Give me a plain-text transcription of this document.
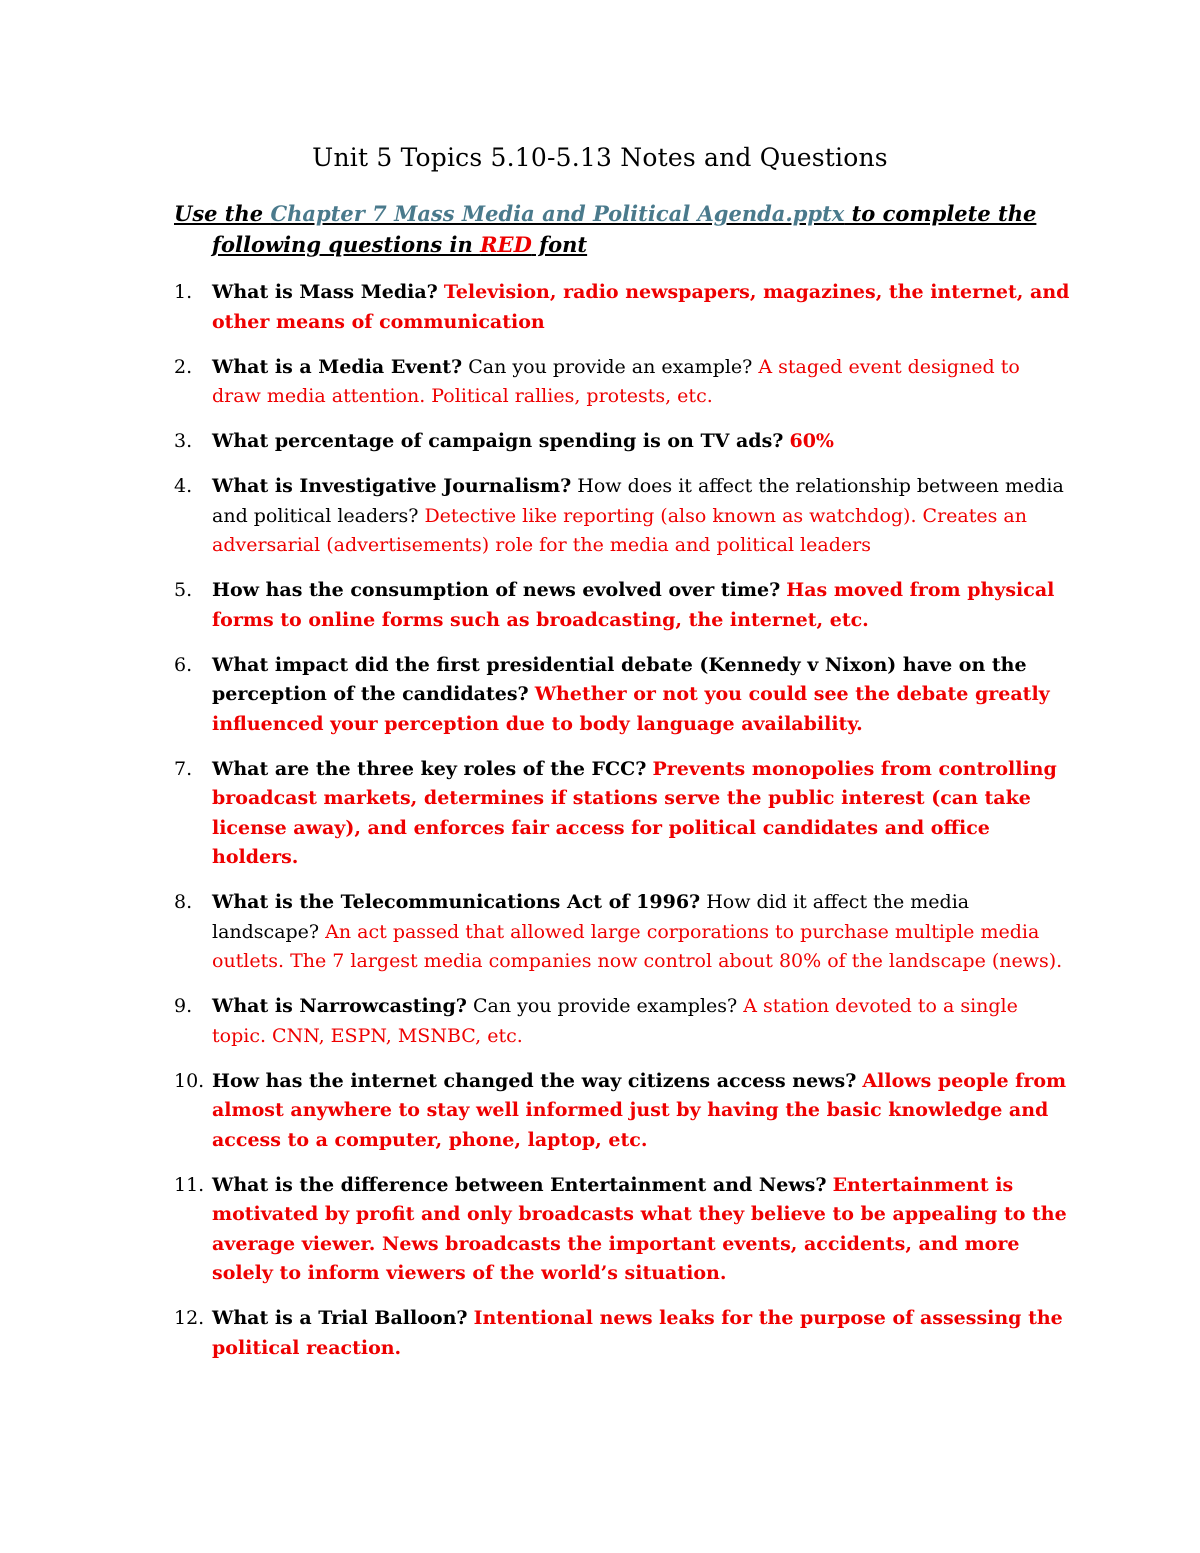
Unit 5 Topics 5.10-5.13 Notes and Questions

Use the Chapter 7 Mass Media and Political Agenda.pptx to complete the following questions in RED font

1.	What is Mass Media? Television, radio newspapers, magazines, the internet, and other means of communication
2.	What is a Media Event? Can you provide an example? A staged event designed to draw media attention. Political rallies, protests, etc.
3.	What percentage of campaign spending is on TV ads? 60%
4.	What is Investigative Journalism? How does it affect the relationship between media and political leaders? Detective like reporting (also known as watchdog). Creates an adversarial (advertisements) role for the media and political leaders
5.	How has the consumption of news evolved over time? Has moved from physical forms to online forms such as broadcasting, the internet, etc.
6.	What impact did the first presidential debate (Kennedy v Nixon) have on the perception of the candidates? Whether or not you could see the debate greatly influenced your perception due to body language availability.
7.	What are the three key roles of the FCC? Prevents monopolies from controlling broadcast markets, determines if stations serve the public interest (can take license away), and enforces fair access for political candidates and office holders.
8.	What is the Telecommunications Act of 1996? How did it affect the media landscape? An act passed that allowed large corporations to purchase multiple media outlets. The 7 largest media companies now control about 80% of the landscape (news).
9.	What is Narrowcasting? Can you provide examples? A station devoted to a single topic. CNN, ESPN, MSNBC, etc.
10. How has the internet changed the way citizens access news? Allows people from almost anywhere to stay well informed just by having the basic knowledge and access to a computer, phone, laptop, etc.
11. What is the difference between Entertainment and News? Entertainment is motivated by profit and only broadcasts what they believe to be appealing to the average viewer. News broadcasts the important events, accidents, and more solely to inform viewers of the world’s situation.
12. What is a Trial Balloon? Intentional news leaks for the purpose of assessing the political reaction.
